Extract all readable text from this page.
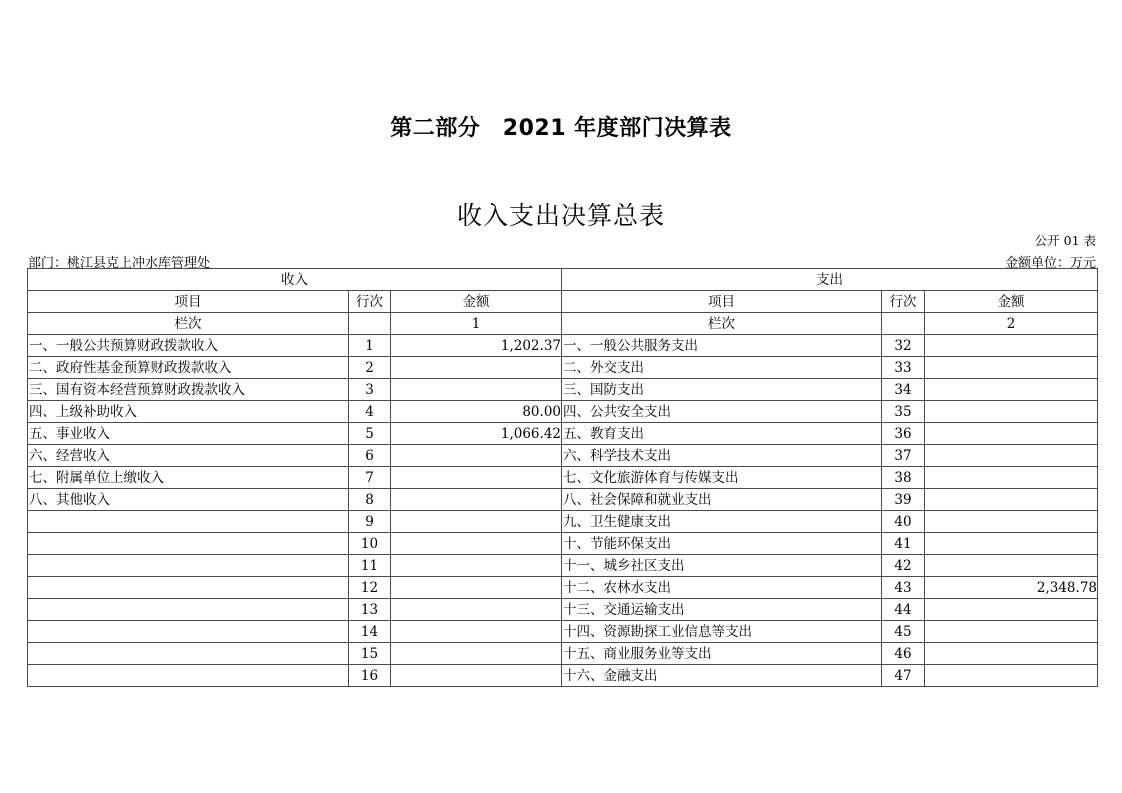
第二部分　2021 年度部门决算表
收入支出决算总表
公开 01 表
部门：桃江县克上冲水库管理处	金额单位：万元
收入			支出		
项目	行次	金额	项目	行次	金额
栏次		1	栏次		2
一、一般公共预算财政拨款收入	1	1,202.37	一、一般公共服务支出	32	
二、政府性基金预算财政拨款收入	2		二、外交支出	33	
三、国有资本经营预算财政拨款收入	3		三、国防支出	34	
四、上级补助收入	4	80.00	四、公共安全支出	35	
五、事业收入	5	1,066.42	五、教育支出	36	
六、经营收入	6		六、科学技术支出	37	
七、附属单位上缴收入	7		七、文化旅游体育与传媒支出	38	
八、其他收入	8		八、社会保障和就业支出	39	
	9		九、卫生健康支出	40	
	10		十、节能环保支出	41	
	11		十一、城乡社区支出	42	
	12		十二、农林水支出	43	2,348.78
	13		十三、交通运输支出	44	
	14		十四、资源勘探工业信息等支出	45	
	15		十五、商业服务业等支出	46	
	16		十六、金融支出	47	
